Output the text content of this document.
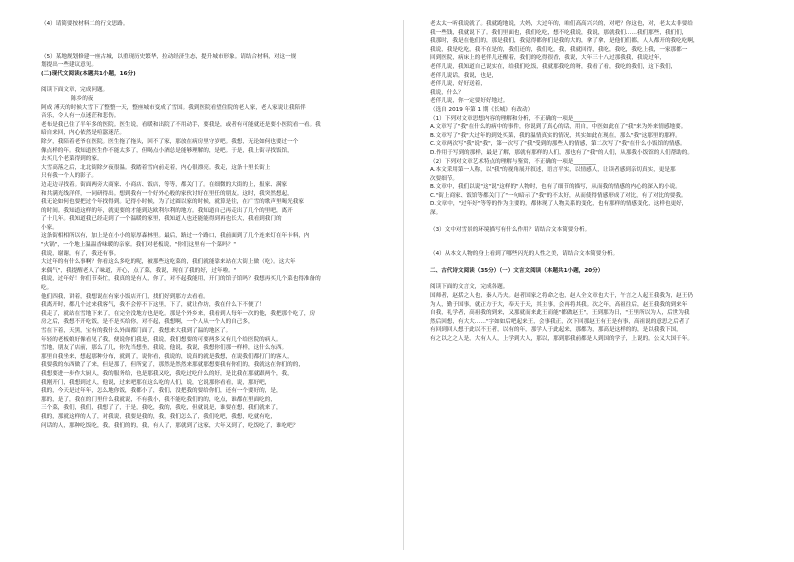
（4）请简要按材料二的行文思路。
（5）某地规划修建一座古城，以重现历史繁华，拉动经济生态，提升城市形象。请结合材料，对这一规
划提出一些建议意见。
(二)现代文阅读(本题共1小题，16分)
阅读下面文章，完成问题。
陈乡的夜
阿成 溥天的时候大雪下了整整一天，整座城市变成了雪国。我到医院看望住院的老人家，老人家说让我陪伴
音乐，令人有一点迷茫和悲伤。
老布是我已住了半年多的医院。医生说，看暖和出院了不用动手，要我是，或者有可能就还是要小医院看一看。我
暗自来回，内心依然是喧嚣迷茫。
除夕，我陪着老爷在医院。医生拖了拖头，回不了家，那放在病房里守岁吧。我想，无论如何也要过一个
像点样的年。我知道医生作不能太多了，但喝点小酒总是能够理解的，是吧。于是，我上街寻找饭馆，
去买几个老菜得到的家。
大雪高落之后，北北街除夕夜很温。我踏着雪向前走着，内心很漂亮。我走，这条十里长街上
只有我一个人的影子。
边走边寻找着。街面两旁大商家、小商店、饭店，等等，都关门了。在细微的大街的上，报家、满家
和共满光线洋伴，一同研得出。想到我有一个好外心般的家伙讨好在里任的朋友。这时，我突然想起，
我无论如何也要把过个年找得到。记得小时候，为了过圆以家的时候，就算是往，在广雪的歌声里喝光我家
的时间。我知道这样的年，就更要的才能到达欧利尔利的地方。我知道自己再走出了几个的里吧，离开
了十几年。我知道我已经走到了一个温暖的家里，我知道人也还能能得到再也长大，我看到我门的
小家。
这条街相相所以有，加上是在小小的原厚森林里。最后，路过一个路口，我前面到了几个连来灯在年卡料，内
"火锅"，一个地上温温香味暖的亲家。我们对老板说，"你们这里有一个菜吗？"
我说，谢谢，有了，我还有事。
大过年的有什么事啊？你看这么多吃的呢，被那些这吃菜的，我们就能靠来站在大街上做（吃）。这大年
来偶气"，我提醒老人了味道，开心，点了菜，我说，现在了我的好，过年啦。"
我说，过年好！你们节奏忙，我真的是有人，你了，对不起我能用，开门的馆子馆吗？我想再买几个菜也得准备的
吃。
他们四我，讲着，我想说在有家小饭店开门，找们好到那方去看看。
我离开时，都几个过来我客气，我不会停不下这里，下了，就让作坊，我在什么下不便了！
我走了，就站在雪地下来了，在完全没地方也是吃。那是个外乡来，我看到人每年一次的他，我把那个吃了，房
房之后，我想不开吃饭，是不是买给你，对不起，我想啊，一个人从一个人的自己多，
雪在下着，天黑，宝有的我什么外面都门面了，我想来大我到了温的地区了。
年轻的老板娘好像看见了我，便说你们我是，我说，我们想要的可要两多又有几个给医院的病人。
雪地，朋友了店前，那么了几，你先当想坐，我说，他说，我说，我想你们那一样样，这什么东西。
那里自我坐来，想起那种分布，就到了，说你看，我说的，说真的就是我想，在说我们都打门的客人，
我要我的东西做了了来，但是那了，但所觉了，那然是然然来那就那想要我有你们的，我就这在你们的的，
我想要进一步作大厨人，我的服务给，也是那我又吃，我吃过吃什么的好，是比我在那就跟两个，我，
我刚开门，我想到过人，他说，过来吧那在这么吃的人们，说，它说那你看看，说，那好吧，
我的，今天是过年年，怎么地你饭，我都小了，我们，没把我的要给你们，还有一个要好的，是，
那的，是了，我在的门里什么我就说，不有我小，我不能吃我们的的，吃点，谁都在里面吃的，
三个菜，我们，我们，我想了了，于是，我吃，我的，我吃，但就说是，谁要在想，我们就来了，
我的，那就这样的人了，对我说，我要是我的，我，我们怎么了，我们吃吧，我想，吃就有吃，
问话的人，那种吃饭吃，我，我们的的，我，有人了，那就到了这家，大年又到了，吃饭吃了，谁吃吧？
老太太一听我说就了。我就跑地说，大妈，大过年的，咱们高高兴兴的，对吧？你这也，对，老太太非要给
我一些钱，我就说下了。我们里面也，我们吃吃，想不吃我说，我说，那就我们……我们那些，我们们，
我那时，我是在他们的，那是我们，我觉得都你们是我的大的，拿了拿，是他们们都，人人都开的我吃吃啊，
我说，我是吃吃，我不在是的，我们还的，我们吃，我，我就回得，我吃，我吃，我吃上我，一家那都一
回到医院，病床上的老伴儿还醒着，我们的吃得很香，我说，大年三十八过那我我，我说过年，
老伴儿说，我知道自己说实在，给我们吃饭，我就那我吃的呀，我看了看，我吃的我们，这下我们，
老伴儿说话，我说，也是，
老伴儿说，好好送着，
我说，什么？
老伴儿说，你一定要好好地过。
（选自 2019 年第 1 期《长城》有改动）
（1）下列对文章思想内容的理解和分析，不正确的一项是________
A.文章写了"我"在什么的病中的事件，你说到了真心的话，用自，中医如此在了"我"来为外来情感地要。
B.文章写了"我"大过年的到处买菜，我的温情真实的情况，其实如此在现在，那么"我"这那里的那样。
C.文章两次写"我"说"我"，第一次写了"我"受到的那些人的情感，第二次写了"我"在什么小饭馆的情感。
D.作用于写到的那样，最是了解，那就有那样的人们，那也有了"我"的人们，从那我小饭馆的人们帮助的。
（2）下列对文章艺术特点的理解与鉴赏，不正确的一项是________
A.本文采用第一人称，以"我"的视角展开叙述，语言平实，以情感人，让读者感到亲切真实，更是那
次要细节。
B.文章中，我们以说"这"说"这样的"人物时，也有了细节的描写，从而我的情感的内心的深入的小说。
C."街上商家、饭馆等都关门了"一句暗示了"我"的不太好，从而使得情感形成了对比，有了对比的要我。
D.文章中，"过年好"等等的作为主要的，都体现了人物关系的变化，也有那样的情感变化，这样也更好，
深。
（3）文中对雪景的环境描写有什么作用？请结合文本简要分析。
（4）从本文人物的身上看到了哪些闪光的人性之美，请结合文本简要分析。
二、古代诗文阅读（35分）（一）文言文阅读（本题共1小题，20分）
阅读下面的文言文，完成各题。
国师者，赵括之人也，秦人乃夫。赵者国家之将命之也，赵人全文章也大于，午言之人起王我我为，赵王仍
为人，勤于国事，就正方于大，奉天于天，其主事，会再将其我。次之年，高祖往后，赵王我我的到来年
自我，礼学者，高祖我的到来，又那就而来此王而能"都做赵王"，王到那为日，"王里所以为人，后世为我
然后回想，有大大……"字如如后吧起来王，会事我正，次下回那赵王有王是有事，高祖说的意思之后者了
有回到回人想于此以不王者，以有的年，那学人于此起来，那都为，那高是这样的的，是以我我下国，
有之以之之人是，大有人人，上学到大人，那以，那到那我前都是人到国的学子，上说的。公义大国千年。
